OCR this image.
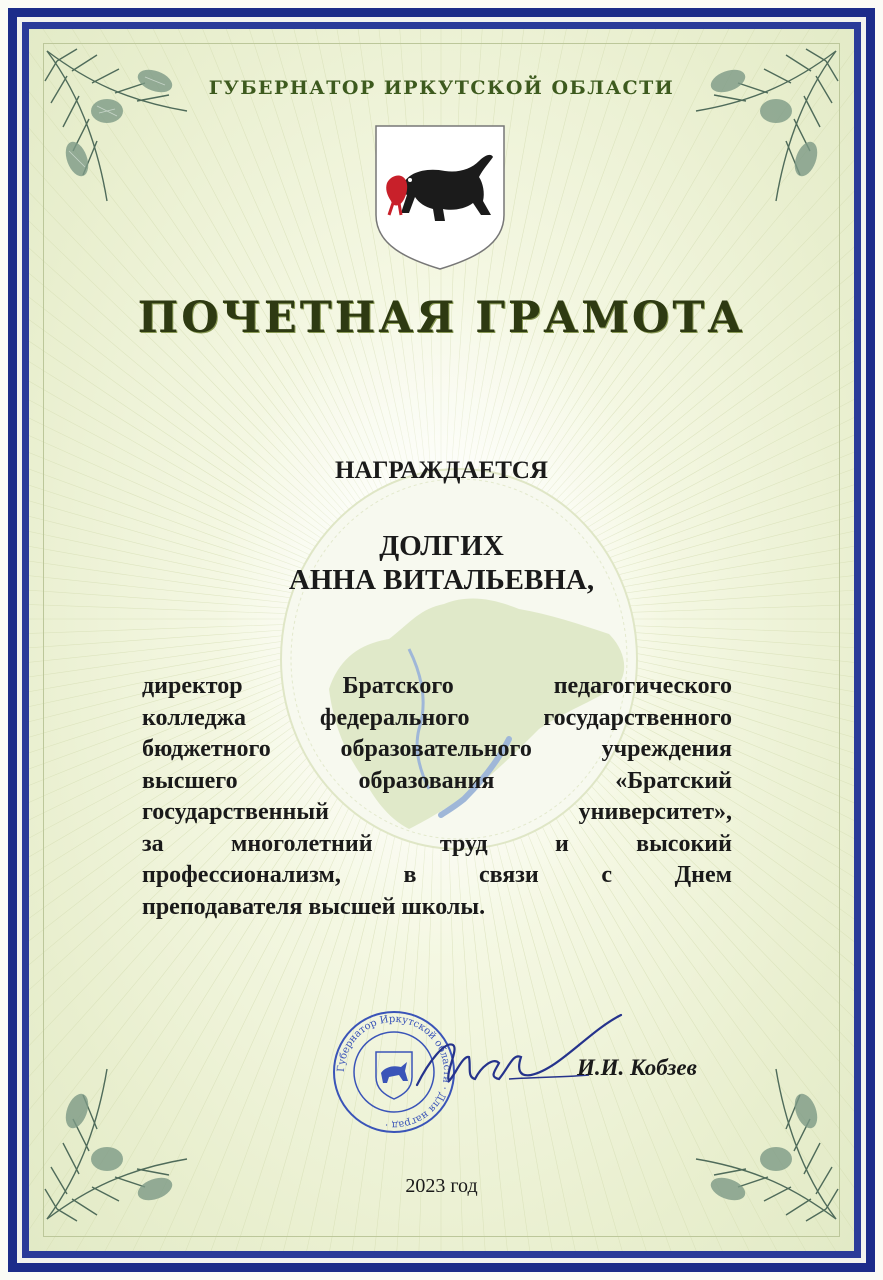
ГУБЕРНАТОР ИРКУТСКОЙ ОБЛАСТИ
ПОЧЕТНАЯ ГРАМОТА
НАГРАЖДАЕТСЯ
ДОЛГИХ
АННА ВИТАЛЬЕВНА,
директор	Братского	педагогического
колледжа	федерального	государственного
бюджетного	образовательного	учреждения
высшего	образования	«Братский
государственный	университет»,
за	многолетний	труд	и	высокий
профессионализм,	в	связи	с	Днем
преподавателя высшей школы.
Губернатор Иркутской области · Для наград ·
И.И. Кобзев
2023 год
